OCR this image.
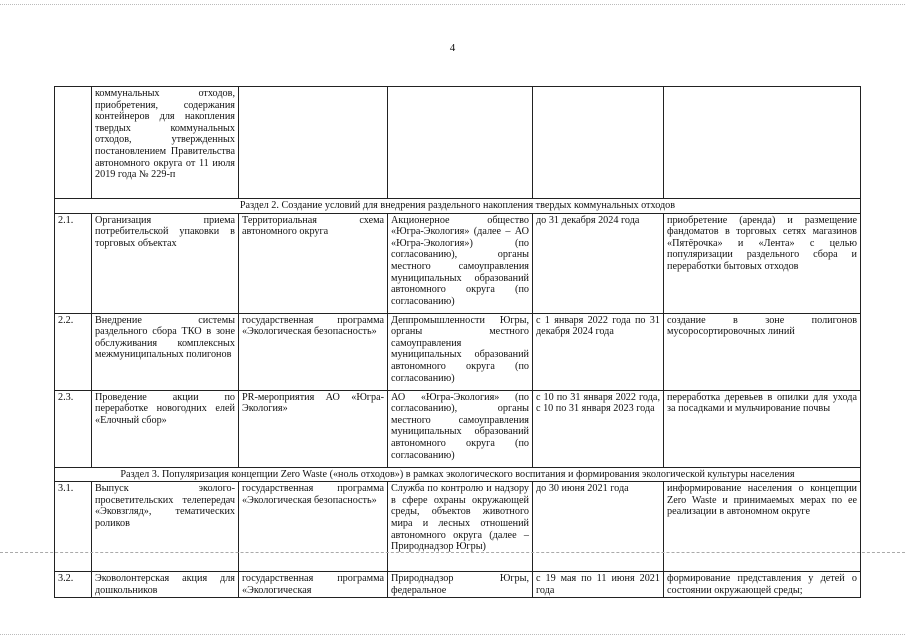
4
	коммунальных отходов, приобретения, содержания контейнеров для накопления твердых коммунальных отходов, утвержденных постановлением Правительства автономного округа от 11 июля 2019 года № 229-п				
Раздел 2. Создание условий для внедрения раздельного накопления твердых коммунальных отходов					
2.1.	Организация приема потребительской упаковки в торговых объектах	Территориальная схема автономного округа	Акционерное общество «Югра-Экология» (далее – АО «Югра-Экология») (по согласованию), органы местного самоуправления муниципальных образований автономного округа (по согласованию)	до 31 декабря 2024 года	приобретение (аренда) и размещение фандоматов в торговых сетях магазинов «Пятёрочка» и «Лента» с целью популяризации раздельного сбора и переработки бытовых отходов
2.2.	Внедрение системы раздельного сбора ТКО в зоне обслуживания комплексных межмуниципальных полигонов	государственная программа «Экологическая безопасность»	Деппромышленности Югры, органы местного самоуправления муниципальных образований автономного округа (по согласованию)	с 1 января 2022 года по 31 декабря 2024 года	создание в зоне полигонов мусоросортировочных линий
2.3.	Проведение акции по переработке новогодних елей «Елочный сбор»	PR-мероприятия АО «Югра-Экология»	АО «Югра-Экология» (по согласованию), органы местного самоуправления муниципальных образований автономного округа (по согласованию)	с 10 по 31 января 2022 года, с 10 по 31 января 2023 года	переработка деревьев в опилки для ухода за посадками и мульчирование почвы
Раздел 3. Популяризация концепции Zero Waste («ноль отходов») в рамках экологического воспитания и формирования экологической культуры населения					
3.1.	Выпуск эколого-просветительских телепередач «Эковзгляд», тематических роликов	государственная программа «Экологическая безопасность»	Служба по контролю и надзору в сфере охраны окружающей среды, объектов животного мира и лесных отношений автономного округа (далее – Природнадзор Югры)	до 30 июня 2021 года	информирование населения о концепции Zero Waste и принимаемых мерах по ее реализации в автономном округе
3.2.	Эковолонтерская акция для дошкольников	государственная программа «Экологическая	Природнадзор Югры, федеральное	с 19 мая по 11 июня 2021 года	формирование представления у детей о состоянии окружающей среды;
